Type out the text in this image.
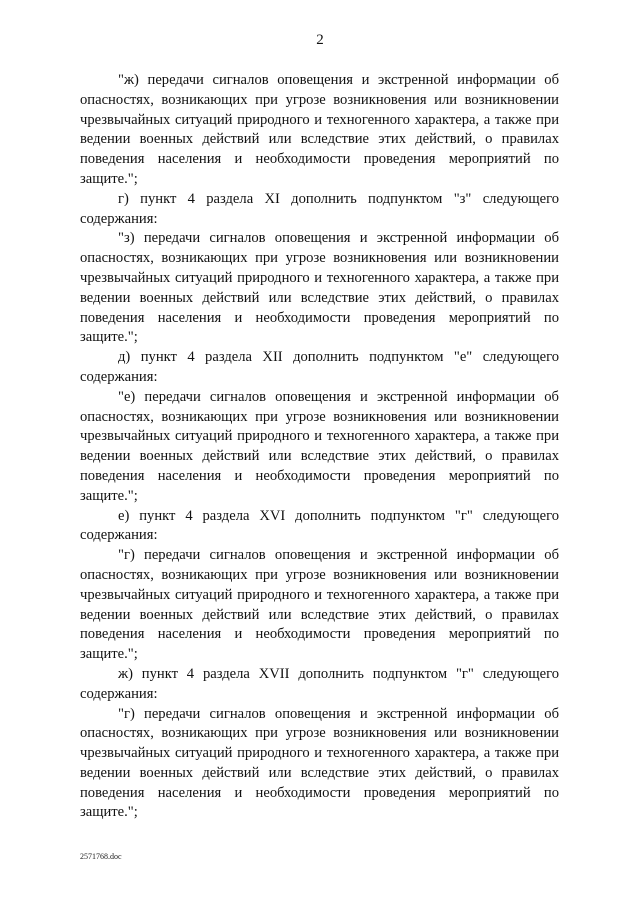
2

"ж) передачи сигналов оповещения и экстренной информации об опасностях, возникающих при угрозе возникновения или возникновении чрезвычайных ситуаций природного и техногенного характера, а также при ведении военных действий или вследствие этих действий, о правилах поведения населения и необходимости проведения мероприятий по защите.";

г) пункт 4 раздела XI дополнить подпунктом "з" следующего

содержания:

"з) передачи сигналов оповещения и экстренной информации об опасностях, возникающих при угрозе возникновения или возникновении чрезвычайных ситуаций природного и техногенного характера, а также при ведении военных действий или вследствие этих действий, о правилах поведения населения и необходимости проведения мероприятий по защите.";

д) пункт 4 раздела XII дополнить подпунктом "е" следующего

содержания:

"е) передачи сигналов оповещения и экстренной информации об опасностях, возникающих при угрозе возникновения или возникновении чрезвычайных ситуаций природного и техногенного характера, а также при ведении военных действий или вследствие этих действий, о правилах поведения населения и необходимости проведения мероприятий по защите.";

е) пункт 4 раздела XVI дополнить подпунктом "г" следующего

содержания:

"г) передачи сигналов оповещения и экстренной информации об опасностях, возникающих при угрозе возникновения или возникновении чрезвычайных ситуаций природного и техногенного характера, а также при ведении военных действий или вследствие этих действий, о правилах поведения населения и необходимости проведения мероприятий по защите.";

ж) пункт 4 раздела XVII дополнить подпунктом "г" следующего

содержания:

"г) передачи сигналов оповещения и экстренной информации об опасностях, возникающих при угрозе возникновения или возникновении чрезвычайных ситуаций природного и техногенного характера, а также при ведении военных действий или вследствие этих действий, о правилах поведения населения и необходимости проведения мероприятий по защите.";

2571768.doc
